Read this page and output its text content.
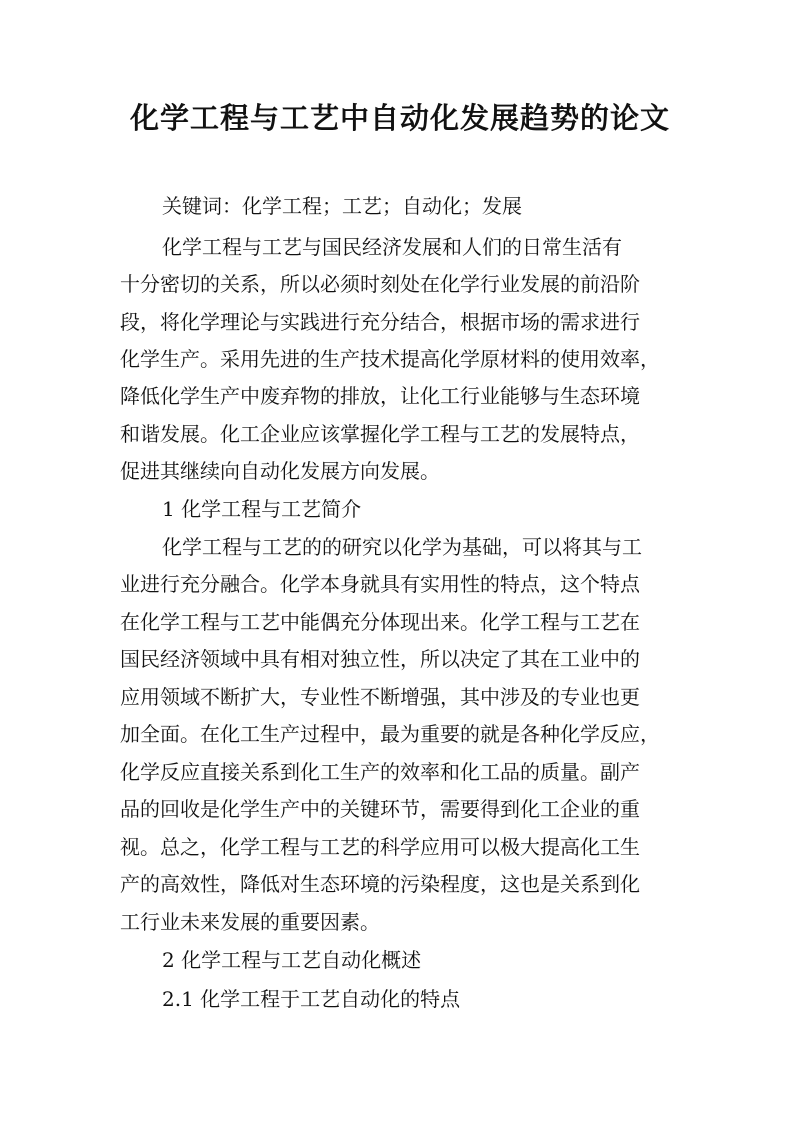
化学工程与工艺中自动化发展趋势的论文

关键词：化学工程；工艺；自动化；发展

化学工程与工艺与国民经济发展和人们的日常生活有

十分密切的关系，所以必须时刻处在化学行业发展的前沿阶

段，将化学理论与实践进行充分结合，根据市场的需求进行

化学生产。采用先进的生产技术提高化学原材料的使用效率，

降低化学生产中废弃物的排放，让化工行业能够与生态环境

和谐发展。化工企业应该掌握化学工程与工艺的发展特点，

促进其继续向自动化发展方向发展。

1 化学工程与工艺简介

化学工程与工艺的的研究以化学为基础，可以将其与工

业进行充分融合。化学本身就具有实用性的特点，这个特点

在化学工程与工艺中能偶充分体现出来。化学工程与工艺在

国民经济领域中具有相对独立性，所以决定了其在工业中的

应用领域不断扩大，专业性不断增强，其中涉及的专业也更

加全面。在化工生产过程中，最为重要的就是各种化学反应，

化学反应直接关系到化工生产的效率和化工品的质量。副产

品的回收是化学生产中的关键环节，需要得到化工企业的重

视。总之，化学工程与工艺的科学应用可以极大提高化工生

产的高效性，降低对生态环境的污染程度，这也是关系到化

工行业未来发展的重要因素。

2 化学工程与工艺自动化概述

2.1 化学工程于工艺自动化的特点
